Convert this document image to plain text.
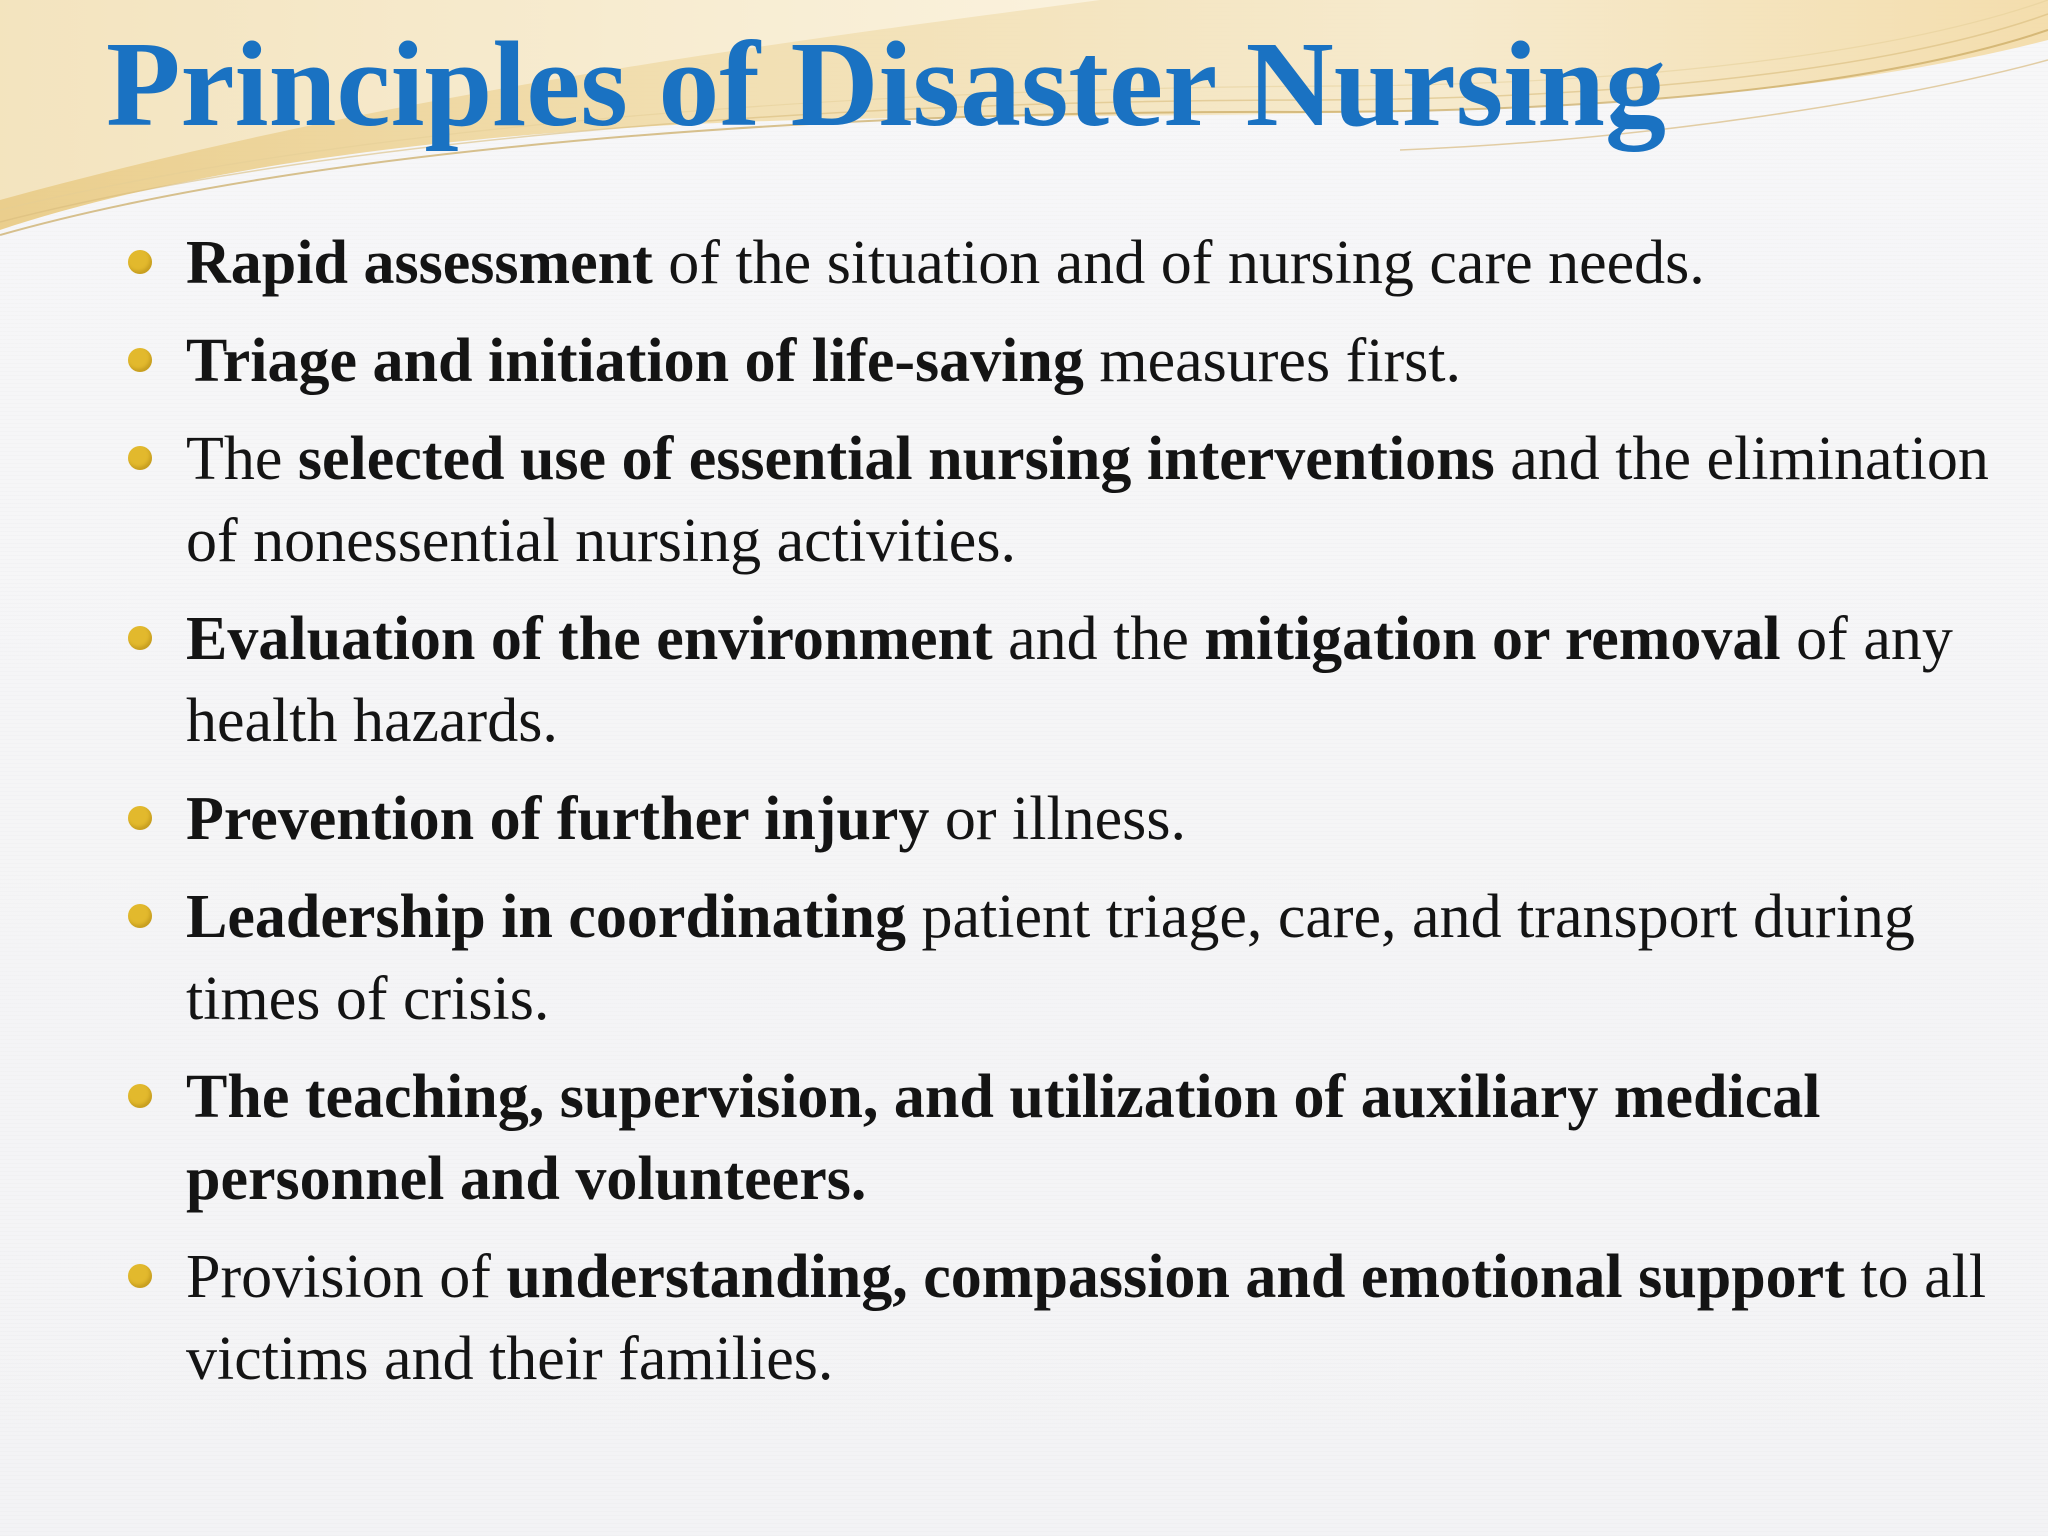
Principles of Disaster Nursing
Rapid assessment of the situation and of nursing care needs.
Triage and initiation of life-saving measures first.
The selected use of essential nursing interventions and the elimination of nonessential nursing activities.
Evaluation of the environment and the mitigation or removal of any health hazards.
Prevention of further injury or illness.
Leadership in coordinating patient triage, care, and transport during times of crisis.
The teaching, supervision, and utilization of auxiliary medical personnel and volunteers.
Provision of understanding, compassion and emotional support to all victims and their families.
